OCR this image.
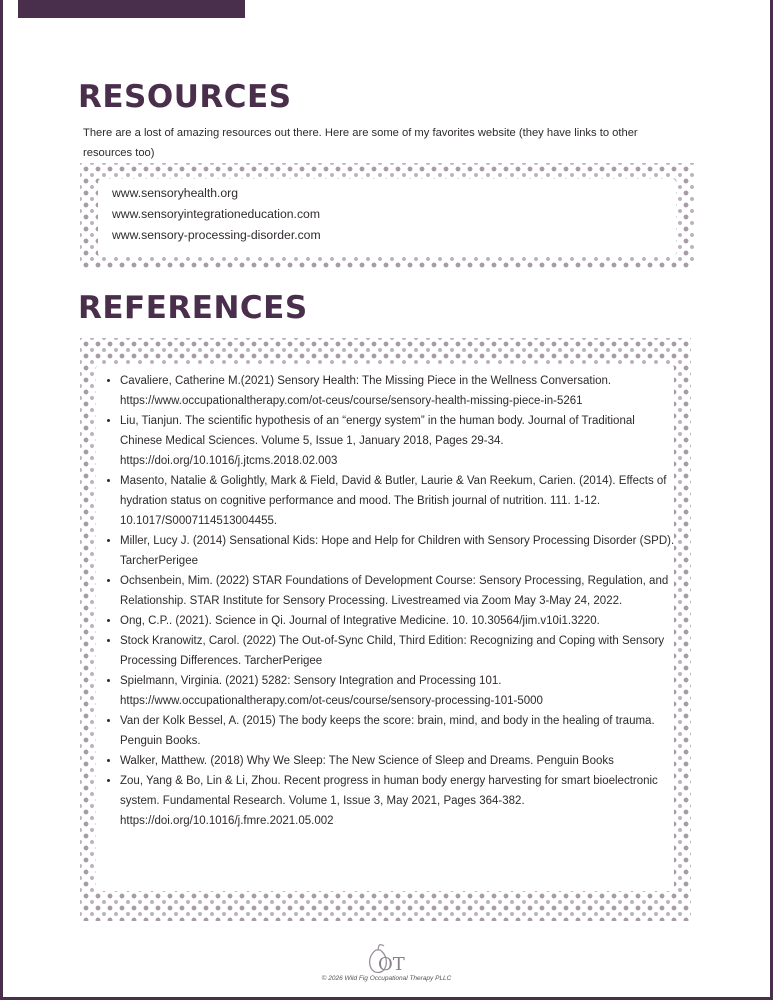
RESOURCES
There are a lost of amazing resources out there. Here are some of my favorites website (they have links to other resources too)
www.sensoryhealth.org
www.sensoryintegrationeducation.com
www.sensory-processing-disorder.com
REFERENCES
• Cavaliere, Catherine M.(2021) Sensory Health: The Missing Piece in the Wellness Conversation. https://www.occupationaltherapy.com/ot-ceus/course/sensory-health-missing-piece-in-5261
• Liu, Tianjun. The scientific hypothesis of an “energy system” in the human body. Journal of Traditional Chinese Medical Sciences. Volume 5, Issue 1, January 2018, Pages 29-34. https://doi.org/10.1016/j.jtcms.2018.02.003
• Masento, Natalie & Golightly, Mark & Field, David & Butler, Laurie & Van Reekum, Carien. (2014). Effects of hydration status on cognitive performance and mood. The British journal of nutrition. 111. 1-12. 10.1017/S0007114513004455.
• Miller, Lucy J. (2014) Sensational Kids: Hope and Help for Children with Sensory Processing Disorder (SPD). TarcherPerigee
• Ochsenbein, Mim. (2022) STAR Foundations of Development Course: Sensory Processing, Regulation, and Relationship. STAR Institute for Sensory Processing. Livestreamed via Zoom May 3-May 24, 2022.
• Ong, C.P.. (2021). Science in Qi. Journal of Integrative Medicine. 10. 10.30564/jim.v10i1.3220.
• Stock Kranowitz, Carol. (2022) The Out-of-Sync Child, Third Edition: Recognizing and Coping with Sensory Processing Differences. TarcherPerigee
• Spielmann, Virginia. (2021) 5282: Sensory Integration and Processing 101. https://www.occupationaltherapy.com/ot-ceus/course/sensory-processing-101-5000
• Van der Kolk Bessel, A. (2015) The body keeps the score: brain, mind, and body in the healing of trauma. Penguin Books.
• Walker, Matthew. (2018) Why We Sleep: The New Science of Sleep and Dreams. Penguin Books
• Zou, Yang & Bo, Lin & Li, Zhou. Recent progress in human body energy harvesting for smart bioelectronic system. Fundamental Research. Volume 1, Issue 3, May 2021, Pages 364-382. https://doi.org/10.1016/j.fmre.2021.05.002
OT
© 2026 Wild Fig Occupational Therapy PLLC
